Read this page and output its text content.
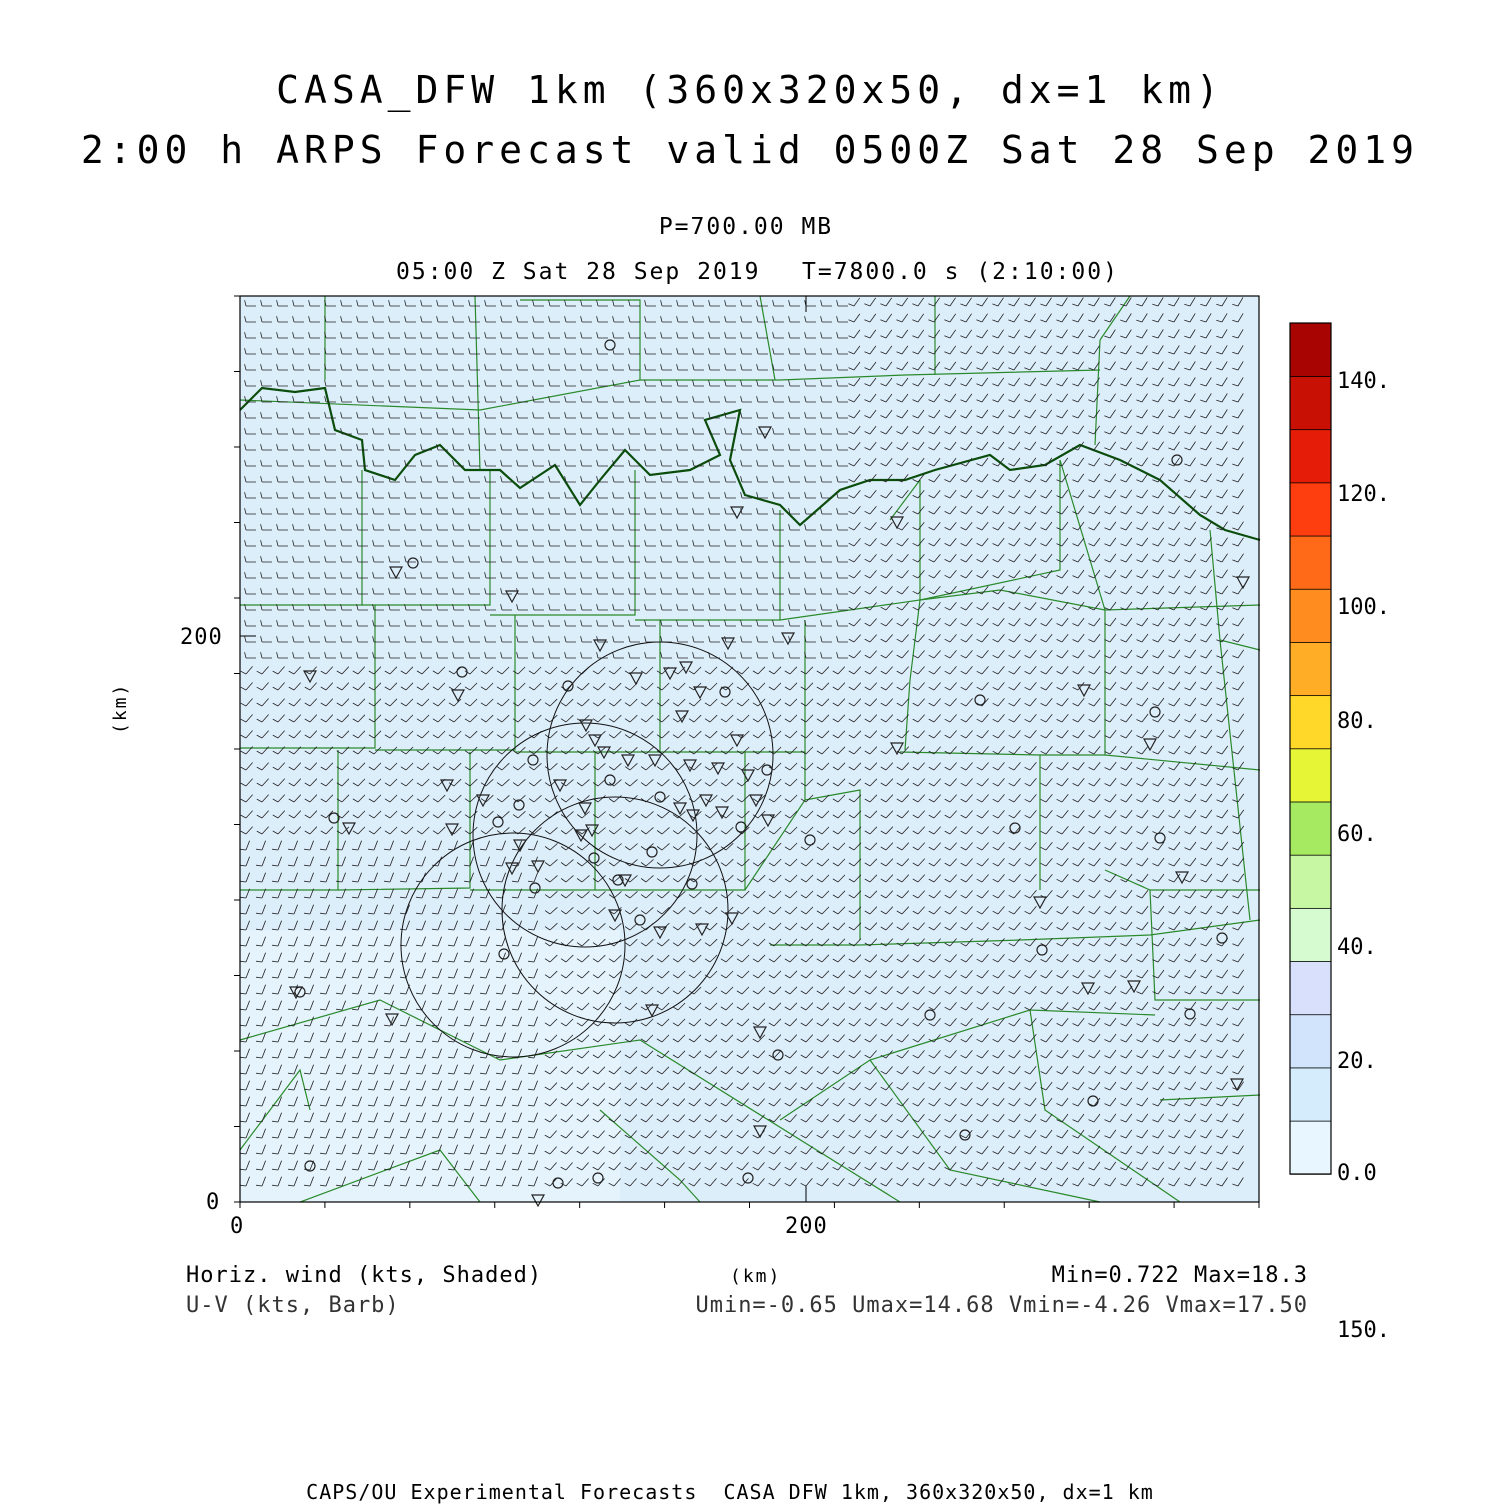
CASA_DFW 1km (360x320x50, dx=1 km)
2:00 h ARPS Forecast valid 0500Z Sat 28 Sep 2019
P=700.00 MB
05:00 Z Sat 28 Sep 2019 T=7800.0 s (2:10:00)
0
200
0	200
(km)
(km)
150.
140.
120.
100.
80.
60.
40.
20.
0.0
Horiz. wind (kts, Shaded)
U-V (kts, Barb)
Min=0.722 Max=18.3
Umin=-0.65 Umax=14.68 Vmin=-4.26 Vmax=17.50
CAPS/OU Experimental Forecasts  CASA DFW 1km, 360x320x50, dx=1 km
